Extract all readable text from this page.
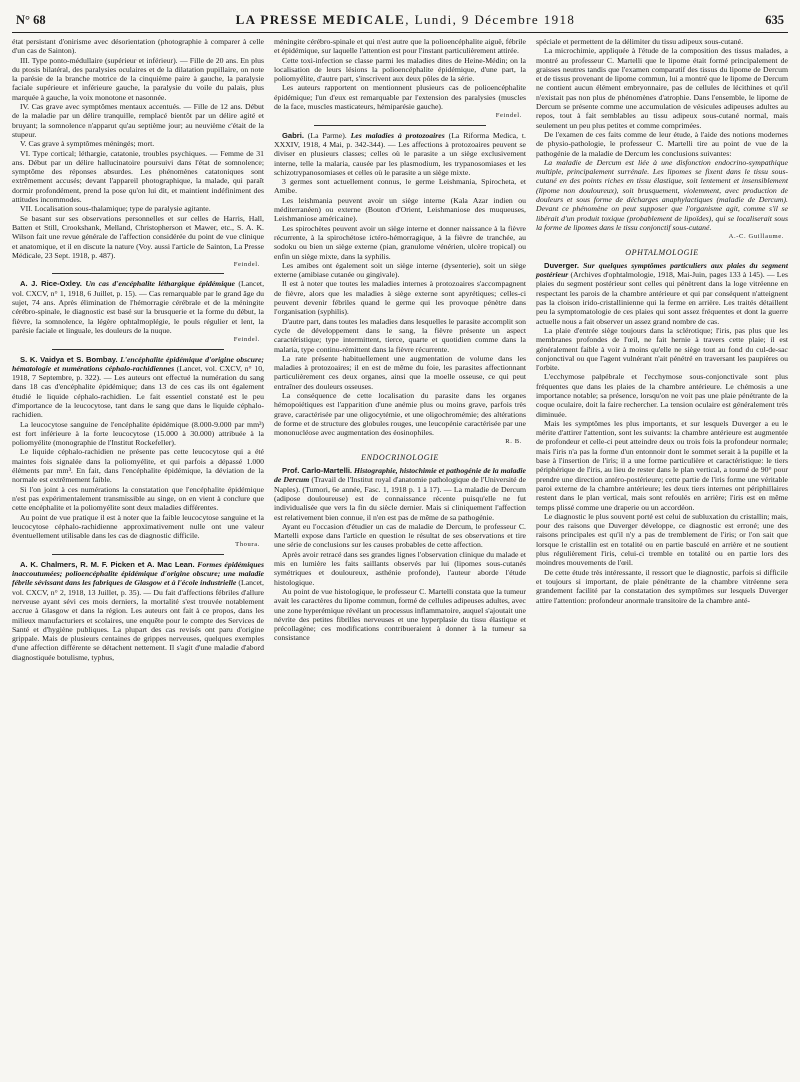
N° 68	LA PRESSE MEDICALE, Lundi, 9 Décembre 1918	635

état persistant d'onirisme avec désorientation (photographie à comparer à celle d'un cas de Sainton).

III. Type ponto-médullaire (supérieur et inférieur). — Fille de 20 ans. En plus du ptosis bilatéral, des paralysies oculaires et de la dilatation pupillaire, on note la parésie de la branche motrice de la cinquième paire à gauche, la paralysie faciale supérieure et inférieure gauche, la paralysie du voile du palais, plus marquée à gauche, la voix monotone et nasonnée.

IV. Cas grave avec symptômes mentaux accentués. — Fille de 12 ans. Début de la maladie par un délire tranquille, remplacé bientôt par un délire agité et bruyant; la somnolence n'apparut qu'au septième jour; au neuvième c'était de la stupeur.

V. Cas grave à symptômes méningés; mort.

VI. Type cortical; léthargie, catatonie, troubles psychiques. — Femme de 31 ans. Début par un délire hallucinatoire poursuivi dans l'état de somnolence; symptôme des réponses absurdes. Les phénomènes catatoniques sont extrêmement accusés; devant l'appareil photographique, la malade, qui paraît dormir profondément, prend la pose qu'on lui dit, et maintient indéfiniment des attitudes incommodes.

VII. Localisation sous-thalamique; type de paralysie agitante.

Se basant sur ses observations personnelles et sur celles de Harris, Hall, Batten et Still, Crookshank, Melland, Christopherson et Mawer, etc., S. A. K. Wilson fait une revue générale de l'affection considérée du point de vue clinique et anatomique, et il en discute la nature (Voy. aussi l'article de Sainton, La Presse Médicale, 23 Sept. 1918, p. 487).

Feindel.

A. J. Rice-Oxley. Un cas d'encéphalite léthargique épidémique (Lancet, vol. CXCV, n° 1, 1918, 6 Juillet, p. 15). — Cas remarquable par le grand âge du sujet, 74 ans. Après élimination de l'hémorragie cérébrale et de la méningite cérébro-spinale, le diagnostic est basé sur la brusquerie et la forme du début, la fièvre, la somnolence, la légère ophtalmoplégie, le pouls régulier et lent, la parésie faciale et linguale, les douleurs de la nuque.

Feindel.

S. K. Vaidya et S. Bombay. L'encéphalite épidémique d'origine obscure; hématologie et numérations céphalo-rachidiennes (Lancet, vol. CXCV, n° 10, 1918, 7 Septembre, p. 322). — Les auteurs ont effectué la numération du sang dans 18 cas d'encéphalite épidémique; dans 13 de ces cas ils ont également étudié le liquide céphalo-rachidien. Le fait essentiel constaté est le peu d'importance de la leucocytose, tant dans le sang que dans le liquide céphalo-rachidien.

La leucocytose sanguine de l'encéphalite épidémique (8.000-9.000 par mm³) est fort inférieure à la forte leucocytose (15.000 à 30.000) attribuée à la poliomyélite (monographie de l'Institut Rockefeller).

Le liquide céphalo-rachidien ne présente pas cette leucocytose qui a été maintes fois signalée dans la poliomyélite, et qui parfois a dépassé 1.000 éléments par mm³. En fait, dans l'encéphalite épidémique, la déviation de la normale est extrêmement faible.

Si l'on joint à ces numérations la constatation que l'encéphalite épidémique n'est pas expérimentalement transmissible au singe, on en vient à conclure que cette encéphalite et la poliomyélite sont deux maladies différentes.

Au point de vue pratique il est à noter que la faible leucocytose sanguine et la leucocytose céphalo-rachidienne approximativement nulle ont une valeur éventuellement utilisable dans les cas de diagnostic difficile.

Thoura.

A. K. Chalmers, R. M. F. Picken et A. Mac Lean. Formes épidémiques inaccoutumées; polioencéphalite épidémique d'origine obscure; une maladie fébrile sévissant dans les fabriques de Glasgow et à l'école industrielle (Lancet, vol. CXCV, n° 2, 1918, 13 Juillet, p. 35). — Du fait d'affections fébriles d'allure nerveuse ayant sévi ces mois derniers, la mortalité s'est trouvée notablement accrue à Glasgow et dans la région. Les auteurs ont fait à ce propos, dans les milieux manufacturiers et scolaires, une enquête pour le compte des Services de Santé et d'hygiène publiques. La plupart des cas revisés ont paru d'origine grippale. Mais de plusieurs centaines de grippes nerveuses, quelques exemples d'une affection différente se détachent nettement. Il s'agit d'une maladie d'abord diagnostiquée botulisme, typhus,

méningite cérébro-spinale et qui n'est autre que la polioencéphalite aiguë, fébrile et épidémique, sur laquelle l'attention est pour l'instant particulièrement attirée.

Cette toxi-infection se classe parmi les maladies dites de Heine-Médin; on la localisation de leurs lésions la polioencéphalite épidémique, d'une part, la poliomyélite, d'autre part, s'inscrivent aux deux pôles de la série.

Les auteurs rapportent on mentionnent plusieurs cas de polioencéphalite épidémique; l'un d'eux est remarquable par l'extension des paralysies (muscles de la face, muscles masticateurs, hémiparésie gauche).

Feindel.

Gabri. (La Parme). Les maladies à protozoaires (La Riforma Medica, t. XXXIV, 1918, 4 Mai, p. 342-344). — Les affections à protozoaires peuvent se diviser en plusieurs classes; celles où le parasite a un siège exclusivement interne, telle la malaria, causée par les plasmodium, les trypanosomiases et les schizotrypanosomiases et celles où le parasite a un siège mixte.

3 germes sont actuellement connus, le germe Leishmania, Spirocheta, et Amibe.

Les leishmania peuvent avoir un siège interne (Kala Azar indien ou méditerranéen) ou externe (Bouton d'Orient, Leishmaniose des muqueuses, Leishmaniose américaine).

Les spirochètes peuvent avoir un siège interne et donner naissance à la fièvre récurrente, à la spirochétose ictéro-hémorragique, à la fièvre de tranchée, au sodoku ou bien un siège externe (pian, granulome vénérien, ulcère tropical) ou enfin un siège mixte, dans la syphilis.

Les amibes ont également soit un siège interne (dysenterie), soit un siège externe (amibiase cutanée ou gingivale).

Il est à noter que toutes les maladies internes à protozoaires s'accompagnent de fièvre, alors que les maladies à siège externe sont apyrétiques; celles-ci peuvent devenir fébriles quand le germe qui les provoque pénètre dans l'organisation (syphilis).

D'autre part, dans toutes les maladies dans lesquelles le parasite accomplit son cycle de développement dans le sang, la fièvre présente un aspect caractéristique; type intermittent, tierce, quarte et quotidien comme dans la malaria, type continu-rémittent dans la fièvre récurrente.

La rate présente habituellement une augmentation de volume dans les maladies à protozoaires; il en est de même du foie, les parasites affectionnant particulièrement ces deux organes, ainsi que la moelle osseuse, ce qui peut entraîner des douleurs osseuses.

La conséquence de cette localisation du parasite dans les organes hémopoiétiques est l'apparition d'une anémie plus ou moins grave, parfois très grave, caractérisée par une oligocytémie, et une oligochromémie; des altérations de forme et de structure des globules rouges, une leucopénie caractérisée par une mononucléose avec augmentation des éosinophiles.

R. B.
ENDOCRINOLOGIE

Prof. Carlo-Martelli. Histographie, histochimie et pathogénie de la maladie de Dercum (Travail de l'Institut royal d'anatomie pathologique de l'Université de Naples). (Tumori, 6e année, Fasc. 1, 1918 p. 1 à 17). — La maladie de Dercum (adipose douloureuse) est de connaissance récente puisqu'elle ne fut individualisée que vers la fin du siècle dernier. Mais si cliniquement l'affection est relativement bien connue, il n'en est pas de même de sa pathogénie.

Ayant eu l'occasion d'étudier un cas de maladie de Dercum, le professeur C. Martelli expose dans l'article en question le résultat de ses observations et tire une série de conclusions sur les causes probables de cette affection.

Après avoir retracé dans ses grandes lignes l'observation clinique du malade et mis en lumière les faits saillants observés par lui (lipomes sous-cutanés symétriques et douloureux, asthénie profonde), l'auteur aborde l'étude histologique.

Au point de vue histologique, le professeur C. Martelli constata que la tumeur avait les caractères du lipome commun, formé de cellules adipeuses adultes, avec une zone hyperémique révélant un processus inflammatoire, auquel s'ajoutait une névrite des petites fibrilles nerveuses et une hyperplasie du tissu élastique et précollagène; ces modifications contribueraient à donner à la tumeur sa consistance

spéciale et permettent de la délimiter du tissu adipeux sous-cutané.

La microchimie, appliquée à l'étude de la composition des tissus malades, a montré au professeur C. Martelli que le lipome était formé principalement de graisses neutres tandis que l'examen comparatif des tissus du lipome de Dercum et de tissus provenant de lipome commun, lui a montré que le lipome de Dercum ne contient aucun élément embryonnaire, pas de cellules de lécithines et qu'il n'existait pas non plus de phénomènes d'atrophie. Dans l'ensemble, le lipome de Dercum se présente comme une accumulation de vésicules adipeuses adultes au repos, tout à fait semblables au tissu adipeux sous-cutané normal, mais seulement un peu plus petites et comme comprimées.

De l'examen de ces faits comme de leur étude, à l'aide des notions modernes de physio-pathologie, le professeur C. Martelli tire au point de vue de la pathogénie de la maladie de Dercum les conclusions suivantes:

La maladie de Dercum est liée à une disfonction endocrino-sympathique multiple, principalement surrénale. Les lipomes se fixent dans le tissu sous-cutané en des points riches en tissu élastique, soit lentement et insensiblement (lipome non douloureux), soit brusquement, violemment, avec production de douleurs et sous forme de décharges anaphylactiques (maladie de Dercum). Devant ce phénomène on peut supposer que l'organisme agit, comme s'il se libérait d'un produit toxique (probablement de lipoïdes), qui se localiserait sous la forme de lipomes dans le tissu conjonctif sous-cutané.

A.-C. Guillaume.
OPHTALMOLOGIE

Duverger. Sur quelques symptômes particuliers aux plaies du segment postérieur (Archives d'ophtalmologie, 1918, Mai-Juin, pages 133 à 145). — Les plaies du segment postérieur sont celles qui pénètrent dans la loge vitréenne en respectant les parois de la chambre antérieure et qui par conséquent n'atteignent pas la cloison irido-cristallinienne qui la ferme en arrière. Les traités détaillent peu la symptomatologie de ces plaies qui sont assez fréquentes et dont la guerre actuelle nous a fait observer un assez grand nombre de cas.

La plaie d'entrée siège toujours dans la sclérotique; l'iris, pas plus que les membranes profondes de l'œil, ne fait hernie à travers cette plaie; il est généralement faible à voir à moins qu'elle ne siège tout au fond du cul-de-sac conjonctival ou que l'agent vulnérant n'ait pénétré en traversant les paupières ou l'orbite.

L'ecchymose palpébrale et l'ecchymose sous-conjonctivale sont plus fréquentes que dans les plaies de la chambre antérieure. Le chémosis a une importance notable; sa présence, lorsqu'on ne voit pas une plaie pénétrante de la coque oculaire, doit la faire rechercher. La tension oculaire est généralement très diminuée.

Mais les symptômes les plus importants, et sur lesquels Duverger a eu le mérite d'attirer l'attention, sont les suivants: la chambre antérieure est augmentée de profondeur et celle-ci peut atteindre deux ou trois fois la profondeur normale; mais l'iris n'a pas la forme d'un entonnoir dont le sommet serait à la pupille et la base à l'insertion de l'iris; il a une forme particulière et caractéristique: le tiers périphérique de l'iris, au lieu de rester dans le plan vertical, a tourné de 90° pour prendre une direction antéro-postérieure; cette partie de l'iris forme une véritable paroi externe de la chambre antérieure; les deux tiers internes ont périphillaires restent dans le plan vertical, mais sont refoulés en arrière; l'iris est en même temps plissé comme une draperie ou un accordéon.

Le diagnostic le plus souvent porté est celui de subluxation du cristallin; mais, pour des raisons que Duverger développe, ce diagnostic est erroné; une des raisons principales est qu'il n'y a pas de tremblement de l'iris; or l'on sait que lorsque le cristallin est en totalité ou en partie basculé en arrière et ne soutient plus régulièrement l'iris, celui-ci tremble en totalité ou en partie lors des moindres mouvements de l'œil.

De cette étude très intéressante, il ressort que le diagnostic, parfois si difficile et toujours si important, de plaie pénétrante de la chambre vitréenne sera grandement facilité par la constatation des symptômes sur lesquels Duverger attire l'attention: profondeur anormale transitoire de la chambre anté-
